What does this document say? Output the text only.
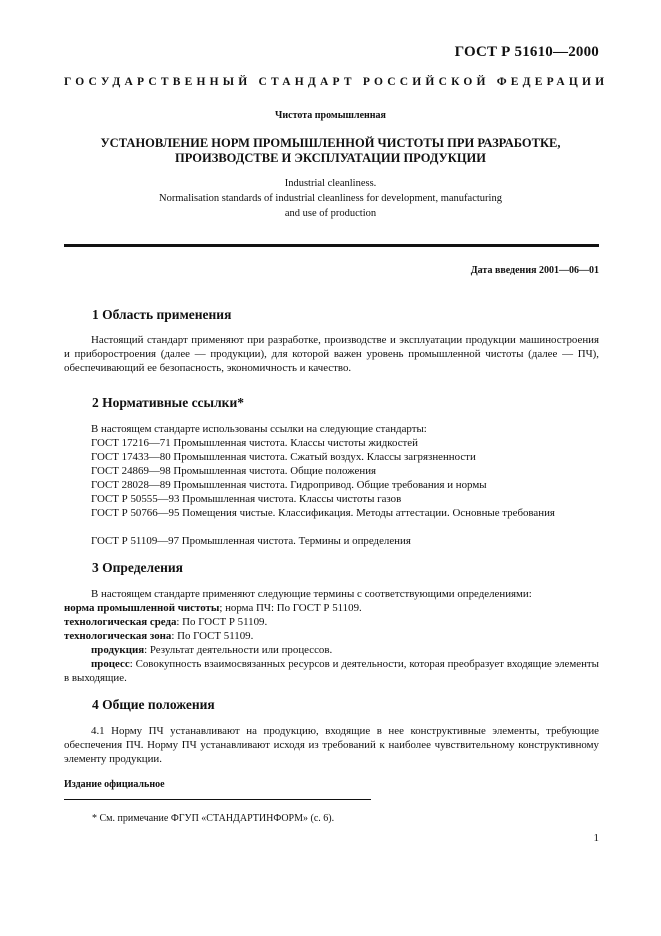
ГОСТ Р 51610—2000
ГОСУДАРСТВЕННЫЙ СТАНДАРТ РОССИЙСКОЙ ФЕДЕРАЦИИ
Чистота промышленная
УСТАНОВЛЕНИЕ НОРМ ПРОМЫШЛЕННОЙ ЧИСТОТЫ ПРИ РАЗРАБОТКЕ,
ПРОИЗВОДСТВЕ И ЭКСПЛУАТАЦИИ ПРОДУКЦИИ
Industrial cleanliness.
Normalisation standards of industrial cleanliness for development, manufacturing
and use of production
Дата введения 2001—06—01
1 Область применения

Настоящий стандарт применяют при разработке, производстве и эксплуатации продукции машиностроения и приборостроения (далее — продукции), для которой важен уровень промышленной чистоты (далее — ПЧ), обеспечивающий ее безопасность, экономичность и качество.

2 Нормативные ссылки*
В настоящем стандарте использованы ссылки на следующие стандарты:
ГОСТ 17216—71 Промышленная чистота. Классы чистоты жидкостей
ГОСТ 17433—80 Промышленная чистота. Сжатый воздух. Классы загрязненности
ГОСТ 24869—98 Промышленная чистота. Общие положения
ГОСТ 28028—89 Промышленная чистота. Гидропривод. Общие требования и нормы
ГОСТ Р 50555—93 Промышленная чистота. Классы чистоты газов
ГОСТ Р 50766—95 Помещения чистые. Классификация. Методы аттестации. Основные требования
ГОСТ Р 51109—97 Промышленная чистота. Термины и определения
3 Определения
В настоящем стандарте применяют следующие термины с соответствующими определениями:
норма промышленной чистоты; норма ПЧ: По ГОСТ Р 51109.
технологическая среда: По ГОСТ Р 51109.
технологическая зона: По ГОСТ 51109.
продукция: Результат деятельности или процессов.
процесс: Совокупность взаимосвязанных ресурсов и деятельности, которая преобразует входящие элементы в выходящие.
4 Общие положения

4.1 Норму ПЧ устанавливают на продукцию, входящие в нее конструктивные элементы, требующие обеспечения ПЧ. Норму ПЧ устанавливают исходя из требований к наиболее чувствительному конструктивному элементу продукции.

Издание официальное
* См. примечание ФГУП «СТАНДАРТИНФОРМ» (с. 6).
1
